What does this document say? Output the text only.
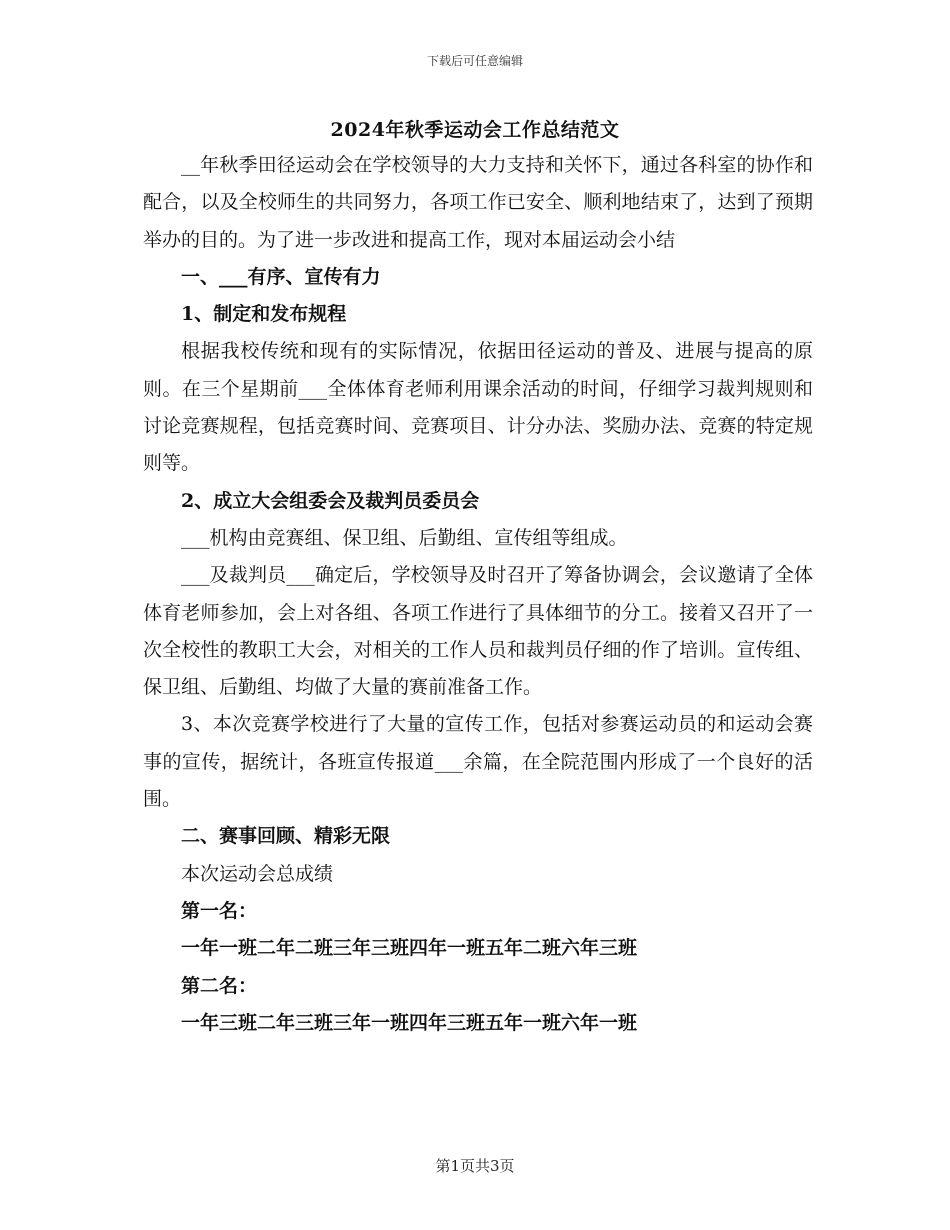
下载后可任意编辑
2024年秋季运动会工作总结范文

__年秋季田径运动会在学校领导的大力支持和关怀下，通过各科室的协作和配合，以及全校师生的共同努力，各项工作已安全、顺利地结束了，达到了预期举办的目的。为了进一步改进和提高工作，现对本届运动会小结

一、___有序、宣传有力

1、制定和发布规程

根据我校传统和现有的实际情况，依据田径运动的普及、进展与提高的原则。在三个星期前___全体体育老师利用课余活动的时间，仔细学习裁判规则和讨论竞赛规程，包括竞赛时间、竞赛项目、计分办法、奖励办法、竞赛的特定规则等。

2、成立大会组委会及裁判员委员会

___机构由竞赛组、保卫组、后勤组、宣传组等组成。

___及裁判员___确定后，学校领导及时召开了筹备协调会，会议邀请了全体体育老师参加，会上对各组、各项工作进行了具体细节的分工。接着又召开了一次全校性的教职工大会，对相关的工作人员和裁判员仔细的作了培训。宣传组、保卫组、后勤组、均做了大量的赛前准备工作。

3、本次竞赛学校进行了大量的宣传工作，包括对参赛运动员的和运动会赛事的宣传，据统计，各班宣传报道___余篇，在全院范围内形成了一个良好的活围。

二、赛事回顾、精彩无限

本次运动会总成绩

第一名：

一年一班二年二班三年三班四年一班五年二班六年三班

第二名：

一年三班二年三班三年一班四年三班五年一班六年一班

第1页共3页
